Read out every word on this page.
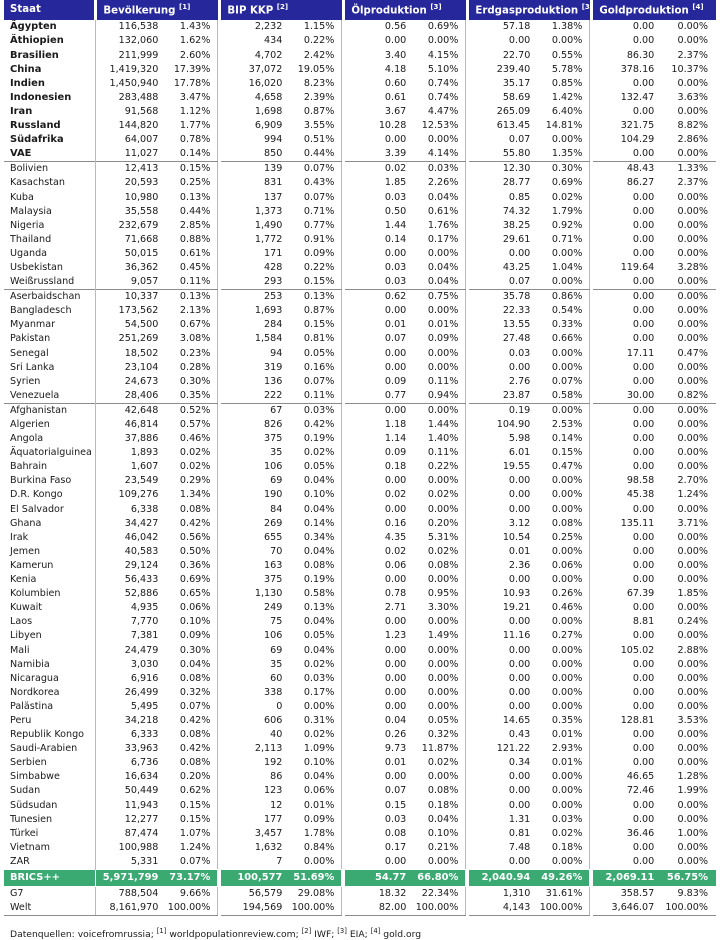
Staat	Bevölkerung [1]		BIP KKP [2]		Ölproduktion [3]		Erdgasproduktion [3]		Goldproduktion [4]
Ägypten	116,538	1.43%	2,232	1.15%	0.56	0.69%	57.18	1.38%	0.00	0.00%
Äthiopien	132,060	1.62%	434	0.22%	0.00	0.00%	0.00	0.00%	0.00	0.00%
Brasilien	211,999	2.60%	4,702	2.42%	3.40	4.15%	22.70	0.55%	86.30	2.37%
China	1,419,320	17.39%	37,072	19.05%	4.18	5.10%	239.40	5.78%	378.16	10.37%
Indien	1,450,940	17.78%	16,020	8.23%	0.60	0.74%	35.17	0.85%	0.00	0.00%
Indonesien	283,488	3.47%	4,658	2.39%	0.61	0.74%	58.69	1.42%	132.47	3.63%
Iran	91,568	1.12%	1,698	0.87%	3.67	4.47%	265.09	6.40%	0.00	0.00%
Russland	144,820	1.77%	6,909	3.55%	10.28	12.53%	613.45	14.81%	321.75	8.82%
Südafrika	64,007	0.78%	994	0.51%	0.00	0.00%	0.07	0.00%	104.29	2.86%
VAE	11,027	0.14%	850	0.44%	3.39	4.14%	55.80	1.35%	0.00	0.00%
Bolivien	12,413	0.15%	139	0.07%	0.02	0.03%	12.30	0.30%	48.43	1.33%
Kasachstan	20,593	0.25%	831	0.43%	1.85	2.26%	28.77	0.69%	86.27	2.37%
Kuba	10,980	0.13%	137	0.07%	0.03	0.04%	0.85	0.02%	0.00	0.00%
Malaysia	35,558	0.44%	1,373	0.71%	0.50	0.61%	74.32	1.79%	0.00	0.00%
Nigeria	232,679	2.85%	1,490	0.77%	1.44	1.76%	38.25	0.92%	0.00	0.00%
Thailand	71,668	0.88%	1,772	0.91%	0.14	0.17%	29.61	0.71%	0.00	0.00%
Uganda	50,015	0.61%	171	0.09%	0.00	0.00%	0.00	0.00%	0.00	0.00%
Usbekistan	36,362	0.45%	428	0.22%	0.03	0.04%	43.25	1.04%	119.64	3.28%
Weißrussland	9,057	0.11%	293	0.15%	0.03	0.04%	0.07	0.00%	0.00	0.00%
Aserbaidschan	10,337	0.13%	253	0.13%	0.62	0.75%	35.78	0.86%	0.00	0.00%
Bangladesch	173,562	2.13%	1,693	0.87%	0.00	0.00%	22.33	0.54%	0.00	0.00%
Myanmar	54,500	0.67%	284	0.15%	0.01	0.01%	13.55	0.33%	0.00	0.00%
Pakistan	251,269	3.08%	1,584	0.81%	0.07	0.09%	27.48	0.66%	0.00	0.00%
Senegal	18,502	0.23%	94	0.05%	0.00	0.00%	0.03	0.00%	17.11	0.47%
Sri Lanka	23,104	0.28%	319	0.16%	0.00	0.00%	0.00	0.00%	0.00	0.00%
Syrien	24,673	0.30%	136	0.07%	0.09	0.11%	2.76	0.07%	0.00	0.00%
Venezuela	28,406	0.35%	222	0.11%	0.77	0.94%	23.87	0.58%	30.00	0.82%
Afghanistan	42,648	0.52%	67	0.03%	0.00	0.00%	0.19	0.00%	0.00	0.00%
Algerien	46,814	0.57%	826	0.42%	1.18	1.44%	104.90	2.53%	0.00	0.00%
Angola	37,886	0.46%	375	0.19%	1.14	1.40%	5.98	0.14%	0.00	0.00%
Äquatorialguinea	1,893	0.02%	35	0.02%	0.09	0.11%	6.01	0.15%	0.00	0.00%
Bahrain	1,607	0.02%	106	0.05%	0.18	0.22%	19.55	0.47%	0.00	0.00%
Burkina Faso	23,549	0.29%	69	0.04%	0.00	0.00%	0.00	0.00%	98.58	2.70%
D.R. Kongo	109,276	1.34%	190	0.10%	0.02	0.02%	0.00	0.00%	45.38	1.24%
El Salvador	6,338	0.08%	84	0.04%	0.00	0.00%	0.00	0.00%	0.00	0.00%
Ghana	34,427	0.42%	269	0.14%	0.16	0.20%	3.12	0.08%	135.11	3.71%
Irak	46,042	0.56%	655	0.34%	4.35	5.31%	10.54	0.25%	0.00	0.00%
Jemen	40,583	0.50%	70	0.04%	0.02	0.02%	0.01	0.00%	0.00	0.00%
Kamerun	29,124	0.36%	163	0.08%	0.06	0.08%	2.36	0.06%	0.00	0.00%
Kenia	56,433	0.69%	375	0.19%	0.00	0.00%	0.00	0.00%	0.00	0.00%
Kolumbien	52,886	0.65%	1,130	0.58%	0.78	0.95%	10.93	0.26%	67.39	1.85%
Kuwait	4,935	0.06%	249	0.13%	2.71	3.30%	19.21	0.46%	0.00	0.00%
Laos	7,770	0.10%	75	0.04%	0.00	0.00%	0.00	0.00%	8.81	0.24%
Libyen	7,381	0.09%	106	0.05%	1.23	1.49%	11.16	0.27%	0.00	0.00%
Mali	24,479	0.30%	69	0.04%	0.00	0.00%	0.00	0.00%	105.02	2.88%
Namibia	3,030	0.04%	35	0.02%	0.00	0.00%	0.00	0.00%	0.00	0.00%
Nicaragua	6,916	0.08%	60	0.03%	0.00	0.00%	0.00	0.00%	0.00	0.00%
Nordkorea	26,499	0.32%	338	0.17%	0.00	0.00%	0.00	0.00%	0.00	0.00%
Palästina	5,495	0.07%	0	0.00%	0.00	0.00%	0.00	0.00%	0.00	0.00%
Peru	34,218	0.42%	606	0.31%	0.04	0.05%	14.65	0.35%	128.81	3.53%
Republik Kongo	6,333	0.08%	40	0.02%	0.26	0.32%	0.43	0.01%	0.00	0.00%
Saudi-Arabien	33,963	0.42%	2,113	1.09%	9.73	11.87%	121.22	2.93%	0.00	0.00%
Serbien	6,736	0.08%	192	0.10%	0.01	0.02%	0.34	0.01%	0.00	0.00%
Simbabwe	16,634	0.20%	86	0.04%	0.00	0.00%	0.00	0.00%	46.65	1.28%
Sudan	50,449	0.62%	123	0.06%	0.07	0.08%	0.00	0.00%	72.46	1.99%
Südsudan	11,943	0.15%	12	0.01%	0.15	0.18%	0.00	0.00%	0.00	0.00%
Tunesien	12,277	0.15%	177	0.09%	0.03	0.04%	1.31	0.03%	0.00	0.00%
Türkei	87,474	1.07%	3,457	1.78%	0.08	0.10%	0.81	0.02%	36.46	1.00%
Vietnam	100,988	1.24%	1,632	0.84%	0.17	0.21%	7.48	0.18%	0.00	0.00%
ZAR	5,331	0.07%	7	0.00%	0.00	0.00%	0.00	0.00%	0.00	0.00%
BRICS++	5,971,799	73.17%	100,577	51.69%	54.77	66.80%	2,040.94	49.26%	2,069.11	56.75%
G7	788,504	9.66%	56,579	29.08%	18.32	22.34%	1,310	31.61%	358.57	9.83%
Welt	8,161,970	100.00%	194,569	100.00%	82.00	100.00%	4,143	100.00%	3,646.07	100.00%
Datenquellen: voicefromrussia; [1] worldpopulationreview.com; [2] IWF; [3] EIA; [4] gold.org
